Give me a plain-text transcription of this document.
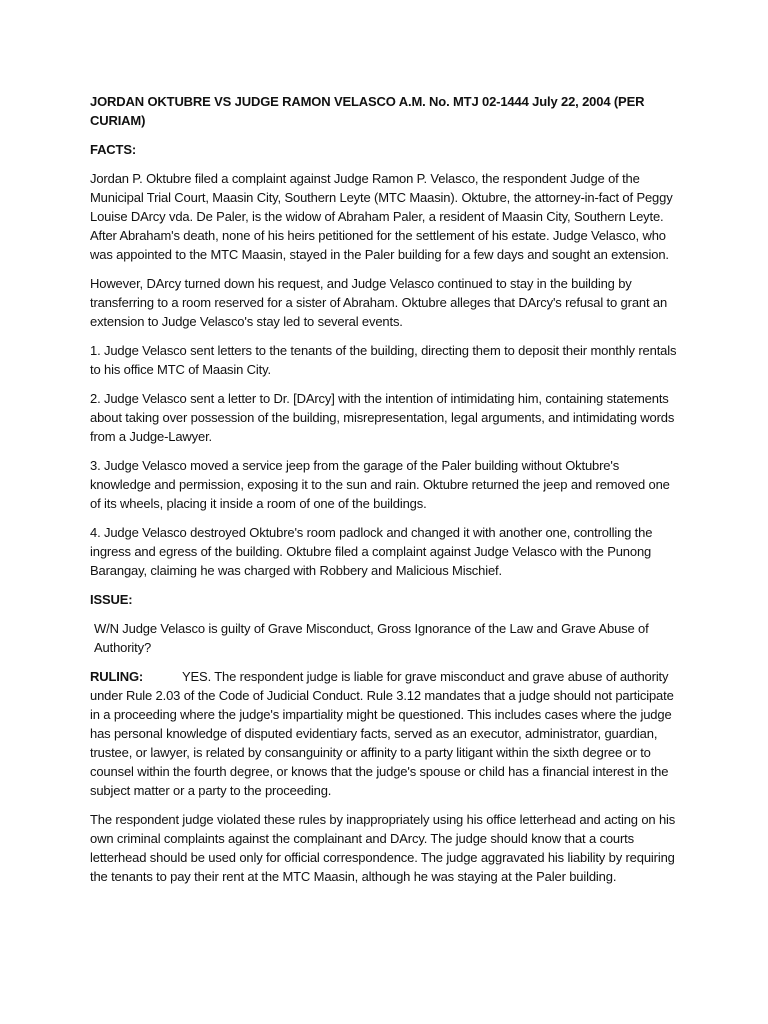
JORDAN OKTUBRE VS JUDGE RAMON VELASCO A.M. No. MTJ 02-1444 July 22, 2004 (PER CURIAM)
FACTS:

Jordan P. Oktubre filed a complaint against Judge Ramon P. Velasco, the respondent Judge of the Municipal Trial Court, Maasin City, Southern Leyte (MTC Maasin). Oktubre, the attorney-in-fact of Peggy Louise DArcy vda. De Paler, is the widow of Abraham Paler, a resident of Maasin City, Southern Leyte. After Abraham's death, none of his heirs petitioned for the settlement of his estate. Judge Velasco, who was appointed to the MTC Maasin, stayed in the Paler building for a few days and sought an extension.

However, DArcy turned down his request, and Judge Velasco continued to stay in the building by transferring to a room reserved for a sister of Abraham. Oktubre alleges that DArcy's refusal to grant an extension to Judge Velasco's stay led to several events.

1. Judge Velasco sent letters to the tenants of the building, directing them to deposit their monthly rentals to his office MTC of Maasin City.

2. Judge Velasco sent a letter to Dr. [DArcy] with the intention of intimidating him, containing statements about taking over possession of the building, misrepresentation, legal arguments, and intimidating words from a Judge-Lawyer.

3. Judge Velasco moved a service jeep from the garage of the Paler building without Oktubre's knowledge and permission, exposing it to the sun and rain. Oktubre returned the jeep and removed one of its wheels, placing it inside a room of one of the buildings.

4. Judge Velasco destroyed Oktubre's room padlock and changed it with another one, controlling the ingress and egress of the building. Oktubre filed a complaint against Judge Velasco with the Punong Barangay, claiming he was charged with Robbery and Malicious Mischief.

ISSUE:

W/N Judge Velasco is guilty of Grave Misconduct, Gross Ignorance of the Law and Grave Abuse of Authority?

RULING:	YES. The respondent judge is liable for grave misconduct and grave abuse of authority under Rule 2.03 of the Code of Judicial Conduct. Rule 3.12 mandates that a judge should not participate in a proceeding where the judge's impartiality might be questioned. This includes cases where the judge has personal knowledge of disputed evidentiary facts, served as an executor, administrator, guardian, trustee, or lawyer, is related by consanguinity or affinity to a party litigant within the sixth degree or to counsel within the fourth degree, or knows that the judge's spouse or child has a financial interest in the subject matter or a party to the proceeding.

The respondent judge violated these rules by inappropriately using his office letterhead and acting on his own criminal complaints against the complainant and DArcy. The judge should know that a courts letterhead should be used only for official correspondence. The judge aggravated his liability by requiring the tenants to pay their rent at the MTC Maasin, although he was staying at the Paler building.
